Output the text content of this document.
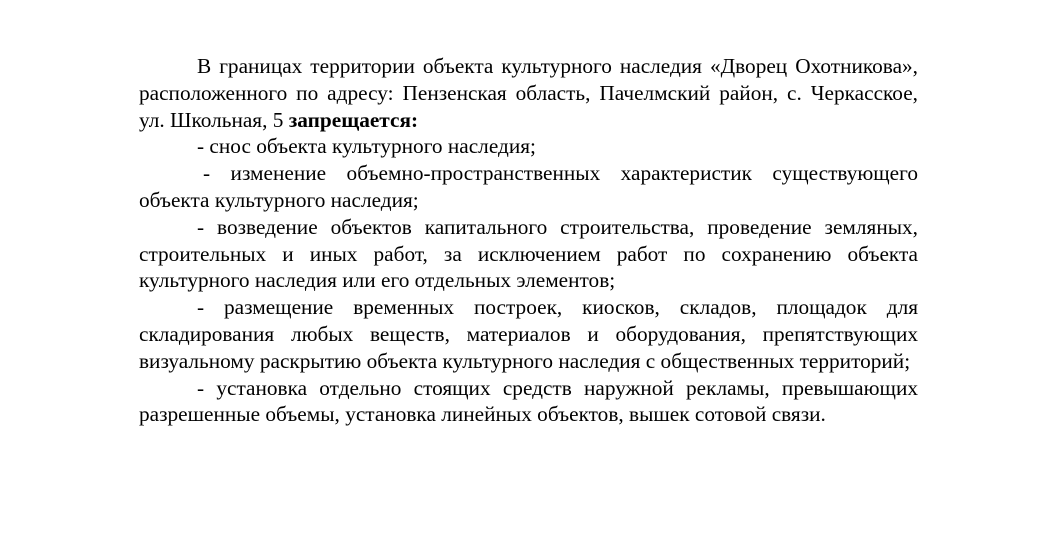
В границах территории объекта культурного наследия «Дворец Охотникова», расположенного по адресу: Пензенская область, Пачелмский район, с. Черкасское, ул. Школьная, 5 запрещается:

- снос объекта культурного наследия;

- изменение объемно-пространственных характеристик существующего объекта культурного наследия;

- возведение объектов капитального строительства, проведение земляных, строительных и иных работ, за исключением работ по сохранению объекта культурного наследия или его отдельных элементов;

- размещение временных построек, киосков, складов, площадок для складирования любых веществ, материалов и оборудования, препятствующих визуальному раскрытию объекта культурного наследия с общественных территорий;

- установка отдельно стоящих средств наружной рекламы, превышающих разрешенные объемы, установка линейных объектов, вышек сотовой связи.
